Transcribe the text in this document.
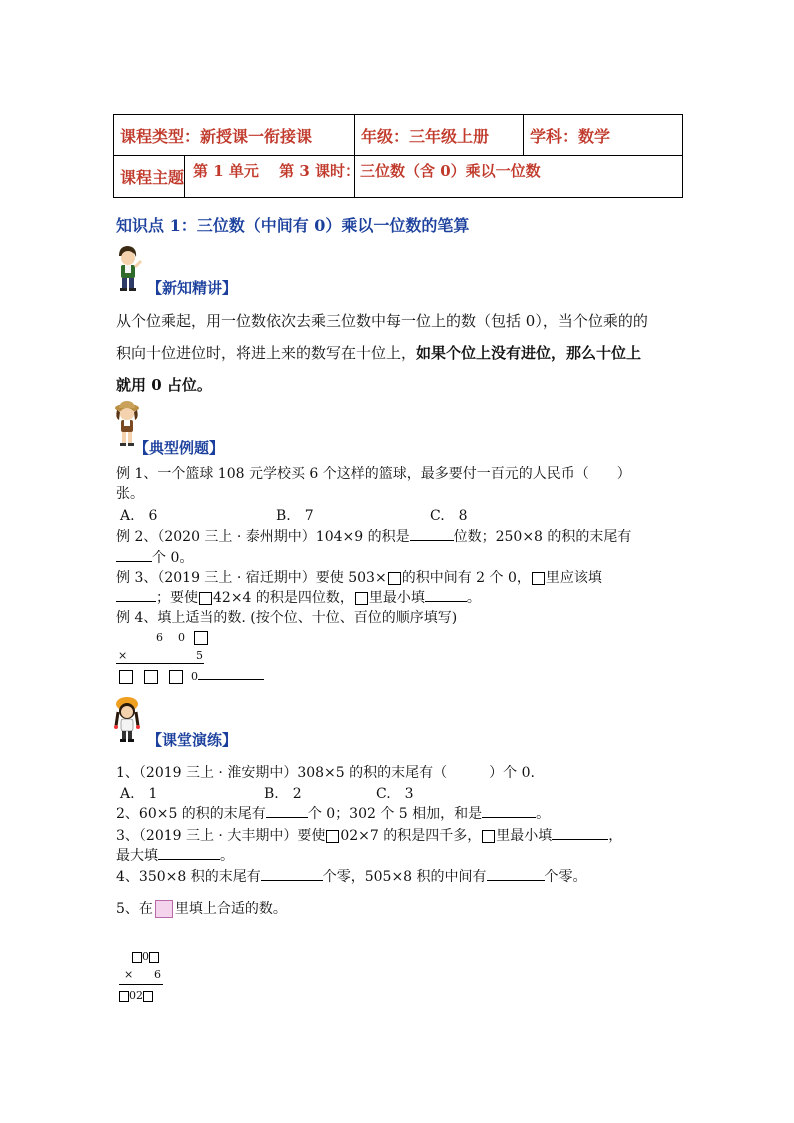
课程类型：新授课一衔接课	年级：三年级上册	学科：数学

课程主题 第 1 单元　 第 3 课时：三位数（含 0）乘以一位数		

知识点 1：三位数（中间有 0）乘以一位数的笔算
【新知精讲】
从个位乘起，用一位数依次去乘三位数中每一位上的数（包括 0），当个位乘的的
积向十位进位时，将进上来的数写在十位上，如果个位上没有进位，那么十位上
就用 0 占位。
【典型例题】
例 1、一个篮球 108 元学校买 6 个这样的篮球，最多要付一百元的人民币（　　）
张。
A.　6	B.　7	C.　8
例 2、（2020 三上 · 泰州期中）104×9 的积是	位数；250×8 的积的末尾有
个 0。
例 3、（2019 三上 · 宿迁期中）要使 503× 的积中间有 2 个 0， 里应该填
；要使 42×4 的积是四位数， 里最小填	。
例 4、填上适当的数. (按个位、十位、百位的顺序填写)
6　0
×	5
0
【课堂演练】
1、（2019 三上 · 淮安期中）308×5 的积的末尾有（　　　）个 0.
A.　1	B.　2	C.　3
2、60×5 的积的末尾有	个 0；302 个 5 相加，和是	。
3、（2019 三上 · 大丰期中）要使 02×7 的积是四千多， 里最小填	，
最大填	。
4、350×8 积的末尾有	个零，505×8 积的中间有	个零。
5、在 里填上合适的数。
0
× 6
02
